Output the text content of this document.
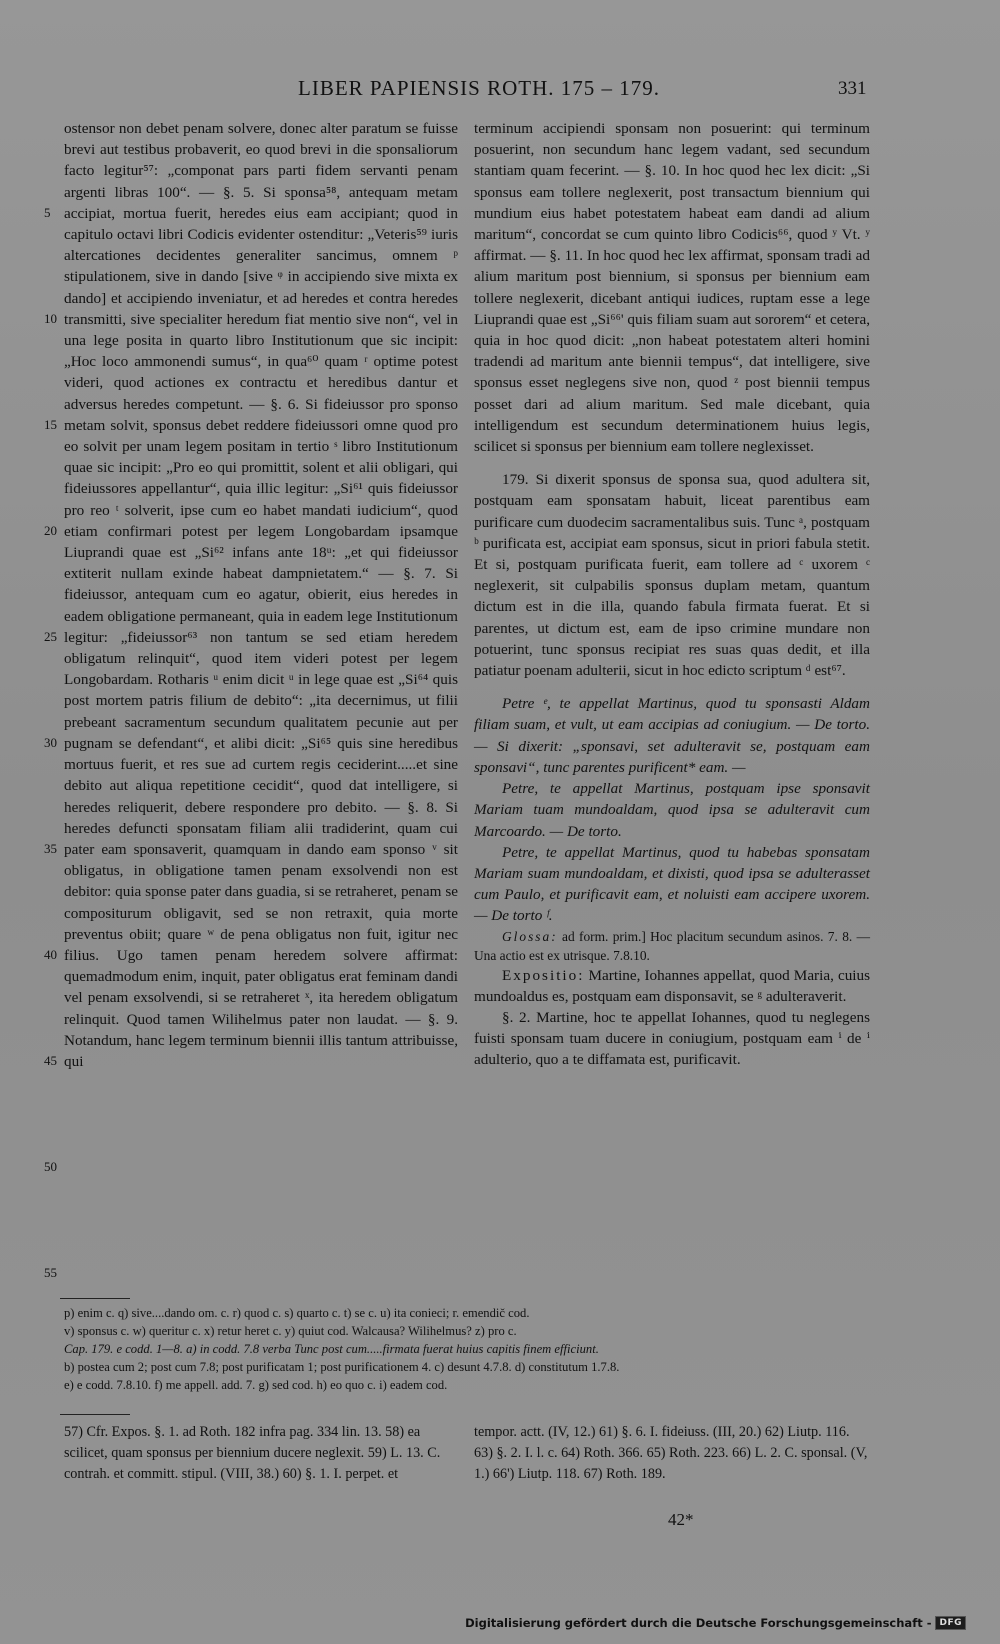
LIBER PAPIENSIS ROTH. 175 – 179.	331
5
10
15
20
25
30
35
40
45
50
55

ostensor non debet penam solvere, donec alter paratum se fuisse brevi aut testibus probaverit, eo quod brevi in die sponsaliorum facto legitur⁵⁷: „componat pars parti fidem servanti penam argenti libras 100“. — §. 5. Si sponsa⁵⁸, antequam metam accipiat, mortua fuerit, heredes eius eam accipiant; quod in capitulo octavi libri Codicis evidenter ostenditur: „Veteris⁵⁹ iuris altercationes decidentes generaliter sancimus, omnem ᵖ stipulationem, sive in dando [sive ᵠ in accipiendo sive mixta ex dando] et accipiendo inveniatur, et ad heredes et contra heredes transmitti, sive specialiter heredum fiat mentio sive non“, vel in una lege posita in quarto libro Institutionum que sic incipit: „Hoc loco ammonendi sumus“, in qua⁶⁰ quam ʳ optime potest videri, quod actiones ex contractu et heredibus dantur et adversus heredes competunt. — §. 6. Si fideiussor pro sponso metam solvit, sponsus debet reddere fideiussori omne quod pro eo solvit per unam legem positam in tertio ˢ libro Institutionum quae sic incipit: „Pro eo qui promittit, solent et alii obligari, qui fideiussores appellantur“, quia illic legitur: „Si⁶¹ quis fideiussor pro reo ᵗ solverit, ipse cum eo habet mandati iudicium“, quod etiam confirmari potest per legem Longobardam ipsamque Liuprandi quae est „Si⁶² infans ante 18ᵘ: „et qui fideiussor extiterit nullam exinde habeat dampnietatem.“ — §. 7. Si fideiussor, antequam cum eo agatur, obierit, eius heredes in eadem obligatione permaneant, quia in eadem lege Institutionum legitur: „fideiussor⁶³ non tantum se sed etiam heredem obligatum relinquit“, quod item videri potest per legem Longobardam. Rotharis ᵘ enim dicit ᵘ in lege quae est „Si⁶⁴ quis post mortem patris filium de debito“: „ita decernimus, ut filii prebeant sacramentum secundum qualitatem pecunie aut per pugnam se defendant“, et alibi dicit: „Si⁶⁵ quis sine heredibus mortuus fuerit, et res sue ad curtem regis ceciderint.....et sine debito aut aliqua repetitione cecidit“, quod dat intelligere, si heredes reliquerit, debere respondere pro debito. — §. 8. Si heredes defuncti sponsatam filiam alii tradiderint, quam cui pater eam sponsaverit, quamquam in dando eam sponso ᵛ sit obligatus, in obligatione tamen penam exsolvendi non est debitor: quia sponse pater dans guadia, si se retraheret, penam se compositurum obligavit, sed se non retraxit, quia morte preventus obiit; quare ʷ de pena obligatus non fuit, igitur nec filius. Ugo tamen penam heredem solvere affirmat: quemadmodum enim, inquit, pater obligatus erat feminam dandi vel penam exsolvendi, si se retraheret ˣ, ita heredem obligatum relinquit. Quod tamen Wilihelmus pater non laudat. — §. 9. Notandum, hanc legem terminum biennii illis tantum attribuisse, qui

terminum accipiendi sponsam non posuerint: qui terminum posuerint, non secundum hanc legem vadant, sed secundum stantiam quam fecerint. — §. 10. In hoc quod hec lex dicit: „Si sponsus eam tollere neglexerit, post transactum biennium qui mundium eius habet potestatem habeat eam dandi ad alium maritum“, concordat se cum quinto libro Codicis⁶⁶, quod ʸ Vt. ʸ affirmat. — §. 11. In hoc quod hec lex affirmat, sponsam tradi ad alium maritum post biennium, si sponsus per biennium eam tollere neglexerit, dicebant antiqui iudices, ruptam esse a lege Liuprandi quae est „Si⁶⁶' quis filiam suam aut sororem“ et cetera, quia in hoc quod dicit: „non habeat potestatem alteri homini tradendi ad maritum ante biennii tempus“, dat intelligere, sive sponsus esset neglegens sive non, quod ᶻ post biennii tempus posset dari ad alium maritum. Sed male dicebant, quia intelligendum est secundum determinationem huius legis, scilicet si sponsus per biennium eam tollere neglexisset.

179. Si dixerit sponsus de sponsa sua, quod adultera sit, postquam eam sponsatam habuit, liceat parentibus eam purificare cum duodecim sacramentalibus suis. Tunc ᵃ, postquam ᵇ purificata est, accipiat eam sponsus, sicut in priori fabula stetit. Et si, postquam purificata fuerit, eam tollere ad ᶜ uxorem ᶜ neglexerit, sit culpabilis sponsus duplam metam, quantum dictum est in die illa, quando fabula firmata fuerat. Et si parentes, ut dictum est, eam de ipso crimine mundare non potuerint, tunc sponsus recipiat res suas quas dedit, et illa patiatur poenam adulterii, sicut in hoc edicto scriptum ᵈ est⁶⁷.

Petre ᵉ, te appellat Martinus, quod tu sponsasti Aldam filiam suam, et vult, ut eam accipias ad coniugium. — De torto. — Si dixerit: „sponsavi, set adulteravit se, postquam eam sponsavi“, tunc parentes purificent* eam. —

Petre, te appellat Martinus, postquam ipse sponsavit Mariam tuam mundoaldam, quod ipsa se adulteravit cum Marcoardo. — De torto.

Petre, te appellat Martinus, quod tu habebas sponsatam Mariam suam mundoaldam, et dixisti, quod ipsa se adulterasset cum Paulo, et purificavit eam, et noluisti eam accipere uxorem. — De torto ᶠ.

Glossa: ad form. prim.] Hoc placitum secundum asinos. 7. 8. — Una actio est ex utrisque. 7.8.10.

Expositio: Martine, Iohannes appellat, quod Maria, cuius mundoaldus es, postquam eam disponsavit, se ᵍ adulteraverit.

§. 2. Martine, hoc te appellat Iohannes, quod tu neglegens fuisti sponsam tuam ducere in coniugium, postquam eam ⁱ de ⁱ adulterio, quo a te diffamata est, purificavit.

p) enim c. q) sive....dando om. c. r) quod c. s) quarto c. t) se c. u) ita conieci; r. emendič cod.

v) sponsus c. w) queritur c. x) retur heret c. y) quiut cod. Walcausa? Wilihelmus? z) pro c.

Cap. 179. e codd. 1—8. a) in codd. 7.8 verba Tunc post cum.....firmata fuerat huius capitis finem efficiunt.

b) postea cum 2; post cum 7.8; post purificatam 1; post purificationem 4. c) desunt 4.7.8. d) constitutum 1.7.8.

e) e codd. 7.8.10. f) me appell. add. 7. g) sed cod. h) eo quo c. i) eadem cod.

57) Cfr. Expos. §. 1. ad Roth. 182 infra pag. 334 lin. 13. 58) ea scilicet, quam sponsus per biennium ducere neglexit. 59) L. 13. C. contrah. et committ. stipul. (VIII, 38.) 60) §. 1. I. perpet. et

tempor. actt. (IV, 12.) 61) §. 6. I. fideiuss. (III, 20.) 62) Liutp. 116. 63) §. 2. I. l. c. 64) Roth. 366. 65) Roth. 223. 66) L. 2. C. sponsal. (V, 1.) 66') Liutp. 118. 67) Roth. 189.

42*
Digitalisierung gefördert durch die Deutsche Forschungsgemeinschaft - DFG
